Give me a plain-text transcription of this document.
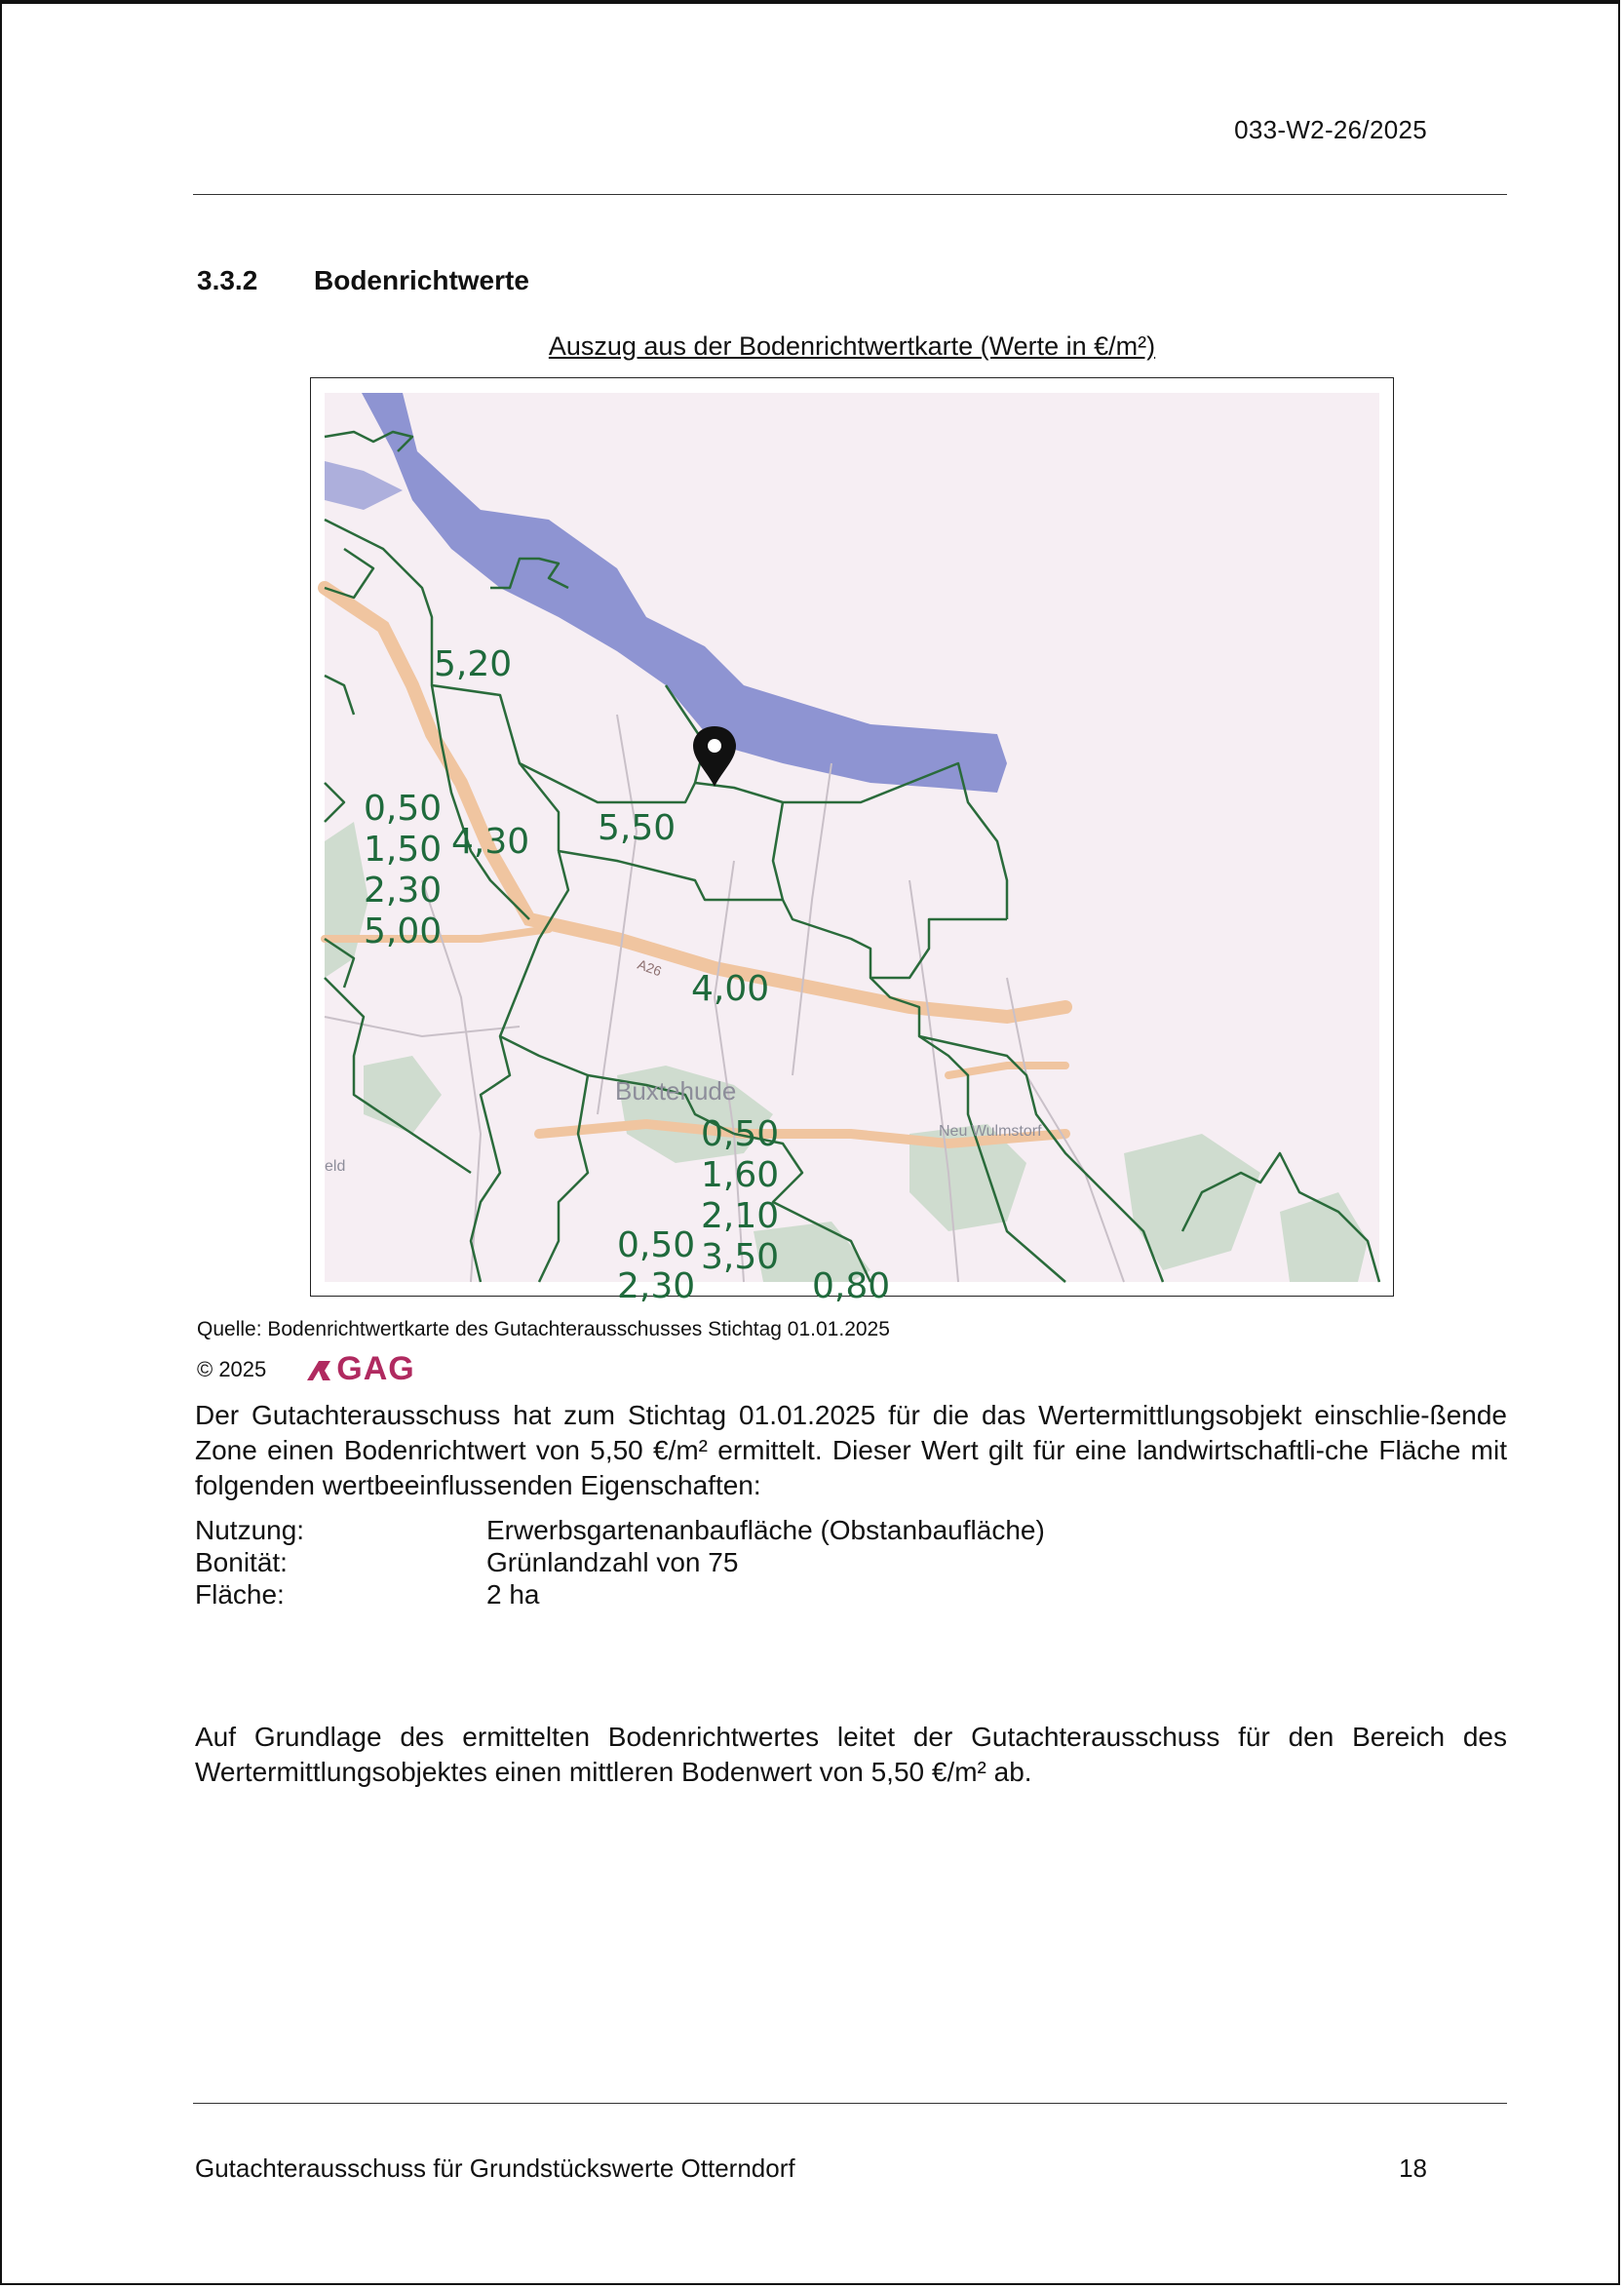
033-W2-26/2025
3.3.2 Bodenrichtwerte
Auszug aus der Bodenrichtwertkarte (Werte in €/m²)
Buxtehude
Neu Wulmstorf
eld
A26
5,20
4,30 5,50
4,00
0,50
1,50
2,30
5,00
0,50
1,60
2,10
3,50
0,50
2,30	0,80
Quelle: Bodenrichtwertkarte des Gutachterausschusses Stichtag 01.01.2025
© 2025 GAG
Der Gutachterausschuss hat zum Stichtag 01.01.2025 für die das Wertermittlungsobjekt einschlie-ßende Zone einen Bodenrichtwert von 5,50 €/m² ermittelt. Dieser Wert gilt für eine landwirtschaftli-che Fläche mit folgenden wertbeeinflussenden Eigenschaften:
Nutzung:	Erwerbsgartenanbaufläche (Obstanbaufläche)
Bonität:	Grünlandzahl von 75
Fläche:	2 ha
Auf Grundlage des ermittelten Bodenrichtwertes leitet der Gutachterausschuss für den Bereich des Wertermittlungsobjektes einen mittleren Bodenwert von 5,50 €/m² ab.
Gutachterausschuss für Grundstückswerte Otterndorf	18
